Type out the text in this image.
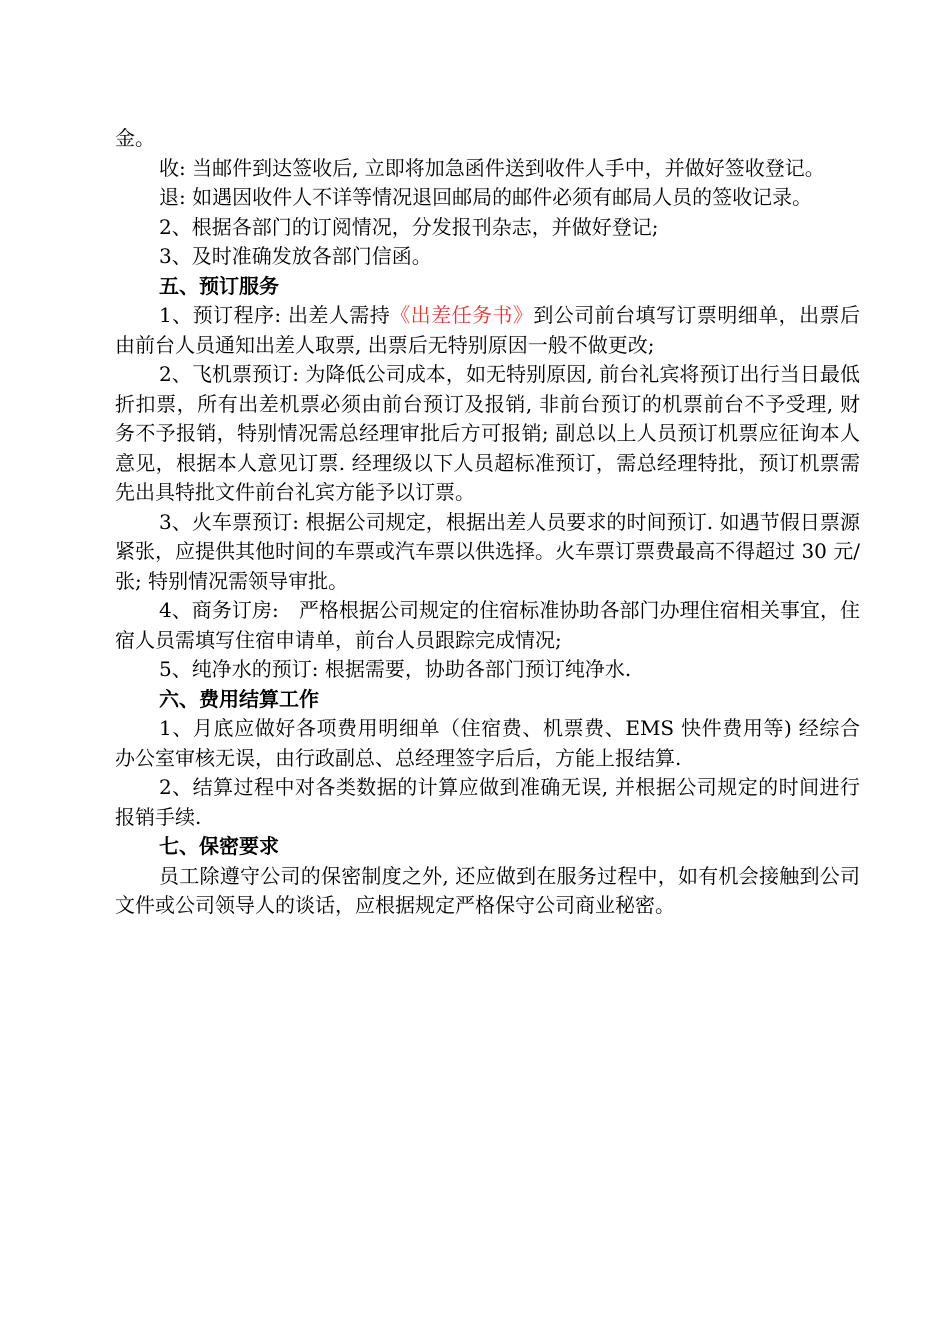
金。

收: 当邮件到达签收后, 立即将加急函件送到收件人手中，并做好签收登记。

退: 如遇因收件人不详等情况退回邮局的邮件必须有邮局人员的签收记录。

2、根据各部门的订阅情况，分发报刊杂志，并做好登记;

3、及时准确发放各部门信函。

五、预订服务

1、预订程序: 出差人需持《出差任务书》到公司前台填写订票明细单，出票后由前台人员通知出差人取票, 出票后无特别原因一般不做更改;

2、飞机票预订: 为降低公司成本，如无特别原因, 前台礼宾将预订出行当日最低折扣票，所有出差机票必须由前台预订及报销, 非前台预订的机票前台不予受理, 财务不予报销，特别情况需总经理审批后方可报销; 副总以上人员预订机票应征询本人意见，根据本人意见订票. 经理级以下人员超标准预订，需总经理特批，预订机票需先出具特批文件前台礼宾方能予以订票。

3、火车票预订: 根据公司规定，根据出差人员要求的时间预订. 如遇节假日票源紧张，应提供其他时间的车票或汽车票以供选择。火车票订票费最高不得超过 30 元/张; 特别情况需领导审批。

4、商务订房:　严格根据公司规定的住宿标准协助各部门办理住宿相关事宜，住宿人员需填写住宿申请单，前台人员跟踪完成情况;

5、纯净水的预订: 根据需要，协助各部门预订纯净水.

六、费用结算工作

1、月底应做好各项费用明细单（住宿费、机票费、EMS 快件费用等) 经综合办公室审核无误，由行政副总、总经理签字后后，方能上报结算.

2、结算过程中对各类数据的计算应做到准确无误, 并根据公司规定的时间进行报销手续.

七、保密要求

员工除遵守公司的保密制度之外, 还应做到在服务过程中，如有机会接触到公司文件或公司领导人的谈话，应根据规定严格保守公司商业秘密。
